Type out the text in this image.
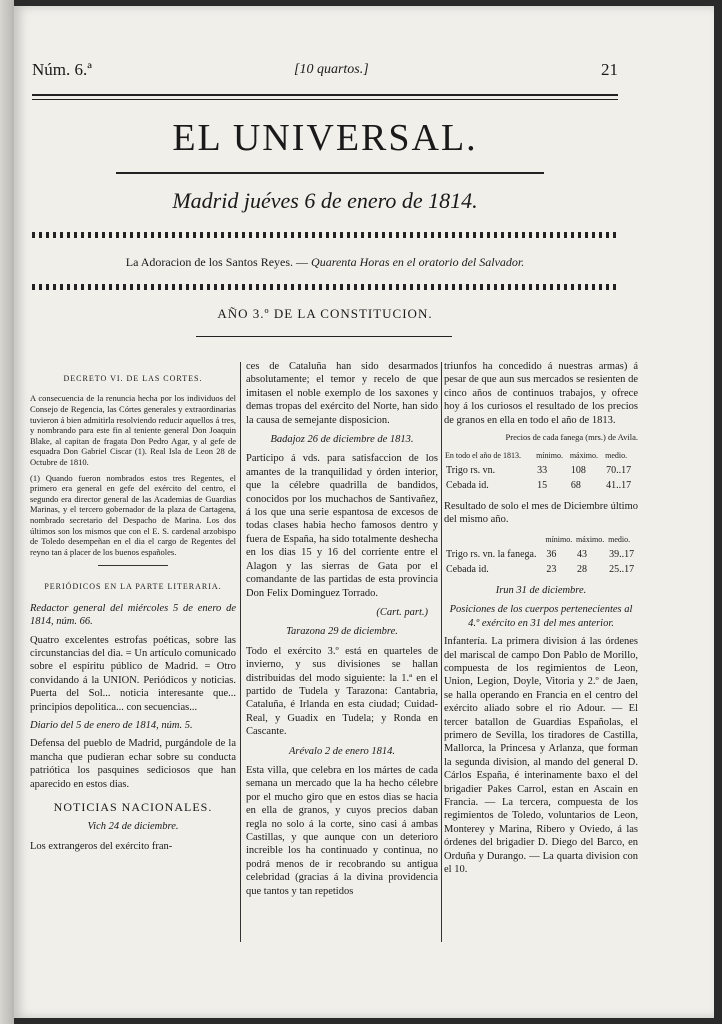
Núm. 6.ª	[10 quartos.]	21
EL UNIVERSAL.
Madrid juéves 6 de enero de 1814.
La Adoracion de los Santos Reyes. — Quarenta Horas en el oratorio del Salvador.
AÑO 3.º DE LA CONSTITUCION.
DECRETO VI. DE LAS CORTES.

A consecuencia de la renuncia hecha por los individuos del Consejo de Regencia, las Córtes generales y extraordinarias tuvieron á bien admitirla resolviendo reducir aquellos á tres, y nombrando para este fin al teniente general Don Joaquin Blake, al capitan de fragata Don Pedro Agar, y al gefe de esquadra Don Gabriel Ciscar (1). Real Isla de Leon 28 de Octubre de 1810.

(1) Quando fueron nombrados estos tres Regentes, el primero era general en gefe del exército del centro, el segundo era director general de las Academias de Guardias Marinas, y el tercero gobernador de la plaza de Cartagena, nombrado secretario del Despacho de Marina. Los dos últimos son los mismos que con el E. S. cardenal arzobispo de Toledo desempeñan en el dia el cargo de Regentes del reyno tan á placer de los buenos españoles.

PERIÓDICOS EN LA PARTE LITERARIA.

Redactor general del miércoles 5 de enero de 1814, núm. 66.

Quatro excelentes estrofas poéticas, sobre las circunstancias del dia. = Un artículo comunicado sobre el espíritu público de Madrid. = Otro convidando á la UNION. Periódicos y noticias. Puerta del Sol... noticia interesante que... principios depolitica... con secuencias...

Diario del 5 de enero de 1814, núm. 5.

Defensa del pueblo de Madrid, purgándole de la mancha que pudieran echar sobre su conducta patriótica los pasquines sediciosos que han aparecido en estos dias.

NOTICIAS NACIONALES.
Vich 24 de diciembre.

Los extrangeros del exército fran-

ces de Cataluña han sido desarmados absolutamente; el temor y recelo de que imitasen el noble exemplo de los saxones y demas tropas del exército del Norte, han sido la causa de semejante disposicion.

Badajoz 26 de diciembre de 1813.

Participo á vds. para satisfaccion de los amantes de la tranquilidad y órden interior, que la célebre quadrilla de bandidos, conocidos por los muchachos de Santivañez, á los que una serie espantosa de excesos de todas clases habia hecho famosos dentro y fuera de España, ha sido totalmente deshecha en los dias 15 y 16 del corriente entre el Alagon y las sierras de Gata por el comandante de las partidas de esta provincia Don Felix Dominguez Torrado.

(Cart. part.)
Tarazona 29 de diciembre.

Todo el exército 3.º está en quarteles de invierno, y sus divisiones se hallan distribuidas del modo siguiente: la 1.ª en el partido de Tudela y Tarazona: Cantabria, Cataluña, é Irlanda en esta ciudad; Cuidad-Real, y Guadix en Tudela; y Ronda en Cascante.

Arévalo 2 de enero 1814.

Esta villa, que celebra en los mártes de cada semana un mercado que la ha hecho célebre por el mucho giro que en estos dias se hacia en ella de granos, y cuyos precios daban regla no solo á la corte, sino casi á ambas Castillas, y que aunque con un deterioro increible los ha continuado y continua, no podrá menos de ir recobrando su antigua celebridad (gracias á la divina providencia que tantos y tan repetidos

triunfos ha concedido á nuestras armas) á pesar de que aun sus mercados se resienten de cinco años de continuos trabajos, y ofrece hoy á los curiosos el resultado de los precios de granos en ella en todo el año de 1813.

Precios de cada fanega (mrs.) de Avila.

En todo el año de 1813.	mínimo.	máximo.	medio.
Trigo rs. vn.	33	108	70..17
Cebada id.	15	68	41..17

Resultado de solo el mes de Diciembre último del mismo año.

	mínimo.	máximo.	medio.
Trigo rs. vn. la fanega.	36	43	39..17
Cebada id.	23	28	25..17
Irun 31 de diciembre.

Posiciones de los cuerpos pertenecientes al 4.º exército en 31 del mes anterior.

Infantería. La primera division á las órdenes del mariscal de campo Don Pablo de Morillo, compuesta de los regimientos de Leon, Union, Legion, Doyle, Vitoria y 2.º de Jaen, se halla operando en Francia en el centro del exército aliado sobre el rio Adour. — El tercer batallon de Guardias Españolas, el primero de Sevilla, los tiradores de Castilla, Mallorca, la Princesa y Arlanza, que forman la segunda division, al mando del general D. Cárlos España, é interinamente baxo el del brigadier Pakes Carrol, estan en Ascain en Francia. — La tercera, compuesta de los regimientos de Toledo, voluntarios de Leon, Monterey y Marina, Ribero y Oviedo, á las órdenes del brigadier D. Diego del Barco, en Orduña y Durango. — La quarta division con el 10.
